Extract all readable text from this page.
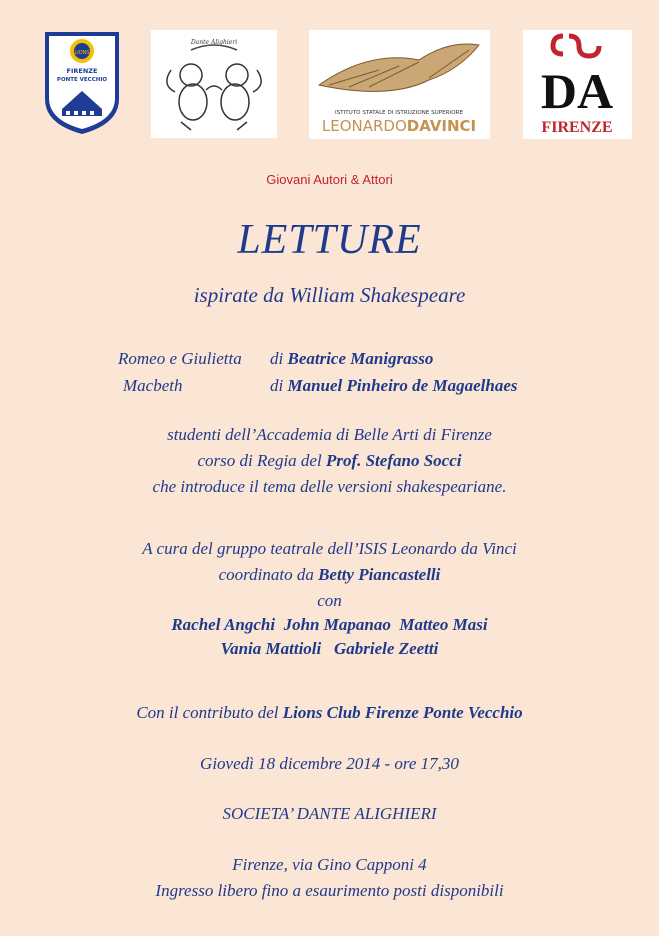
LIONS
FIRENZE
PONTE VECCHIO
Dante Alighieri
ISTITUTO STATALE DI ISTRUZIONE SUPERIORE
LEONARDODAVINCI
DA
FIRENZE
Giovani Autori & Attori
LETTURE
ispirate da William Shakespeare
Romeo e Giulietta di Beatrice Manigrasso
Macbeth	di Manuel Pinheiro de Magaelhaes
studenti dell’Accademia di Belle Arti di Firenze
corso di Regia del Prof. Stefano Socci
che introduce il tema delle versioni shakespeariane.
A cura del gruppo teatrale dell’ISIS Leonardo da Vinci
coordinato da Betty Piancastelli
con
Rachel Angchi John Mapanao Matteo Masi
Vania Mattioli Gabriele Zeetti
Con il contributo del Lions Club Firenze Ponte Vecchio
Giovedì 18 dicembre 2014 - ore 17,30
SOCIETA’ DANTE ALIGHIERI
Firenze, via Gino Capponi 4
Ingresso libero fino a esaurimento posti disponibili
